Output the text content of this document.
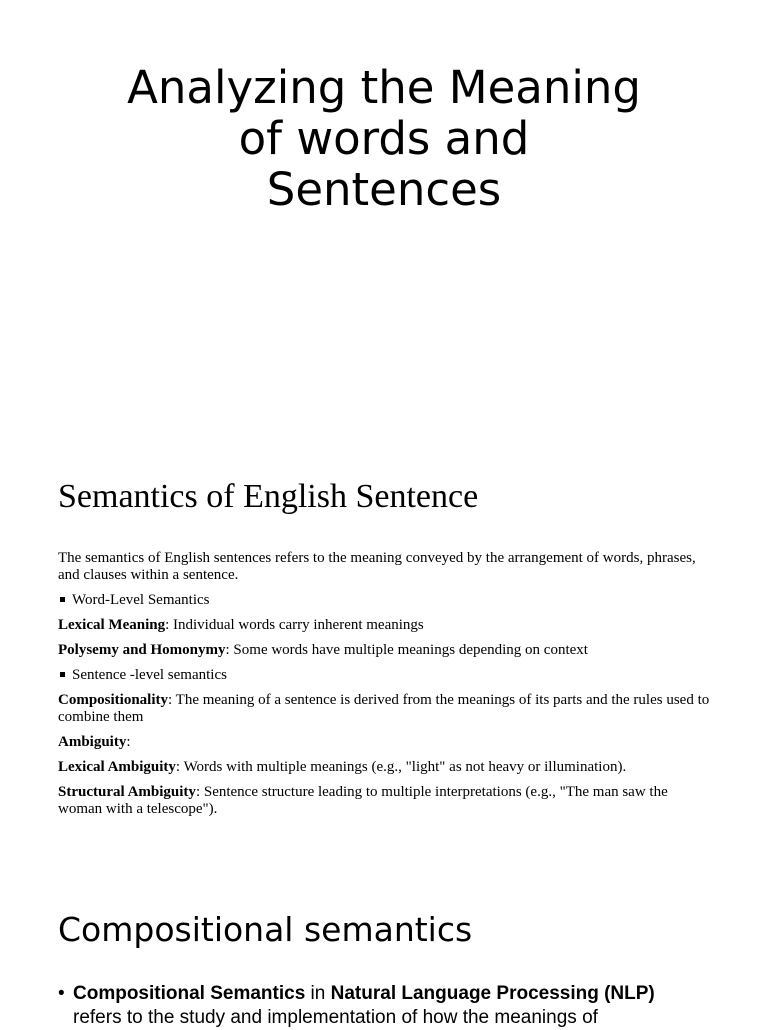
Analyzing the Meaning
of words and
Sentences
Semantics of English Sentence

The semantics of English sentences refers to the meaning conveyed by the arrangement of words, phrases, and clauses within a sentence.

Word-Level Semantics

Lexical Meaning: Individual words carry inherent meanings

Polysemy and Homonymy: Some words have multiple meanings depending on context

Sentence -level semantics

Compositionality: The meaning of a sentence is derived from the meanings of its parts and the rules used to combine them

Ambiguity:

Lexical Ambiguity: Words with multiple meanings (e.g., "light" as not heavy or illumination).

Structural Ambiguity: Sentence structure leading to multiple interpretations (e.g., "The man saw the woman with a telescope").

Compositional semantics

• Compositional Semantics in Natural Language Processing (NLP) refers to the study and implementation of how the meanings of
